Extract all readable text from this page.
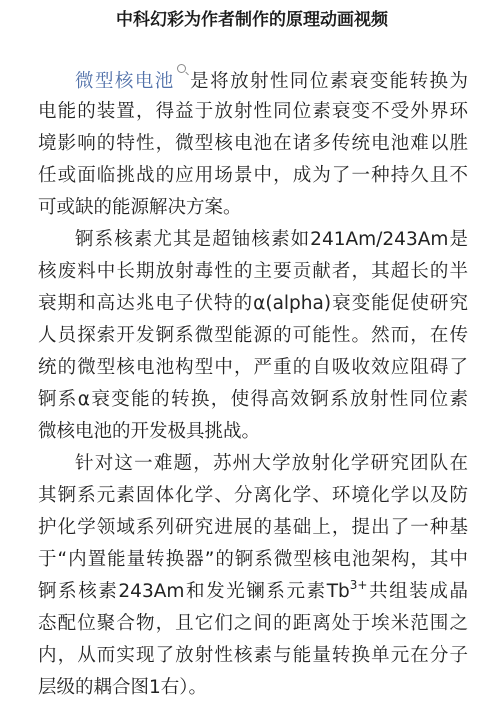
中科幻彩为作者制作的原理动画视频
微型核电池 是将放射性同位素衰变能转换为
电能的装置，得益于放射性同位素衰变不受外界环
境影响的特性，微型核电池在诸多传统电池难以胜
任或面临挑战的应用场景中，成为了一种持久且不
可或缺的能源解决方案。
锕系核素尤其是超铀核素如241Am/243Am是
核废料中长期放射毒性的主要贡献者，其超长的半
衰期和高达兆电子伏特的α(alpha)衰变能促使研究
人员探索开发锕系微型能源的可能性。然而，在传
统的微型核电池构型中，严重的自吸收效应阻碍了
锕系α衰变能的转换，使得高效锕系放射性同位素
微核电池的开发极具挑战。
针对这一难题，苏州大学放射化学研究团队在
其锕系元素固体化学、分离化学、环境化学以及防
护化学领域系列研究进展的基础上，提出了一种基
于“内置能量转换器”的锕系微型核电池架构，其中
锕系核素243Am和发光镧系元素$Tb^{3+}$共组装成晶
态配位聚合物，且它们之间的距离处于埃米范围之
内，从而实现了放射性核素与能量转换单元在分子
层级的耦合图1右）。
